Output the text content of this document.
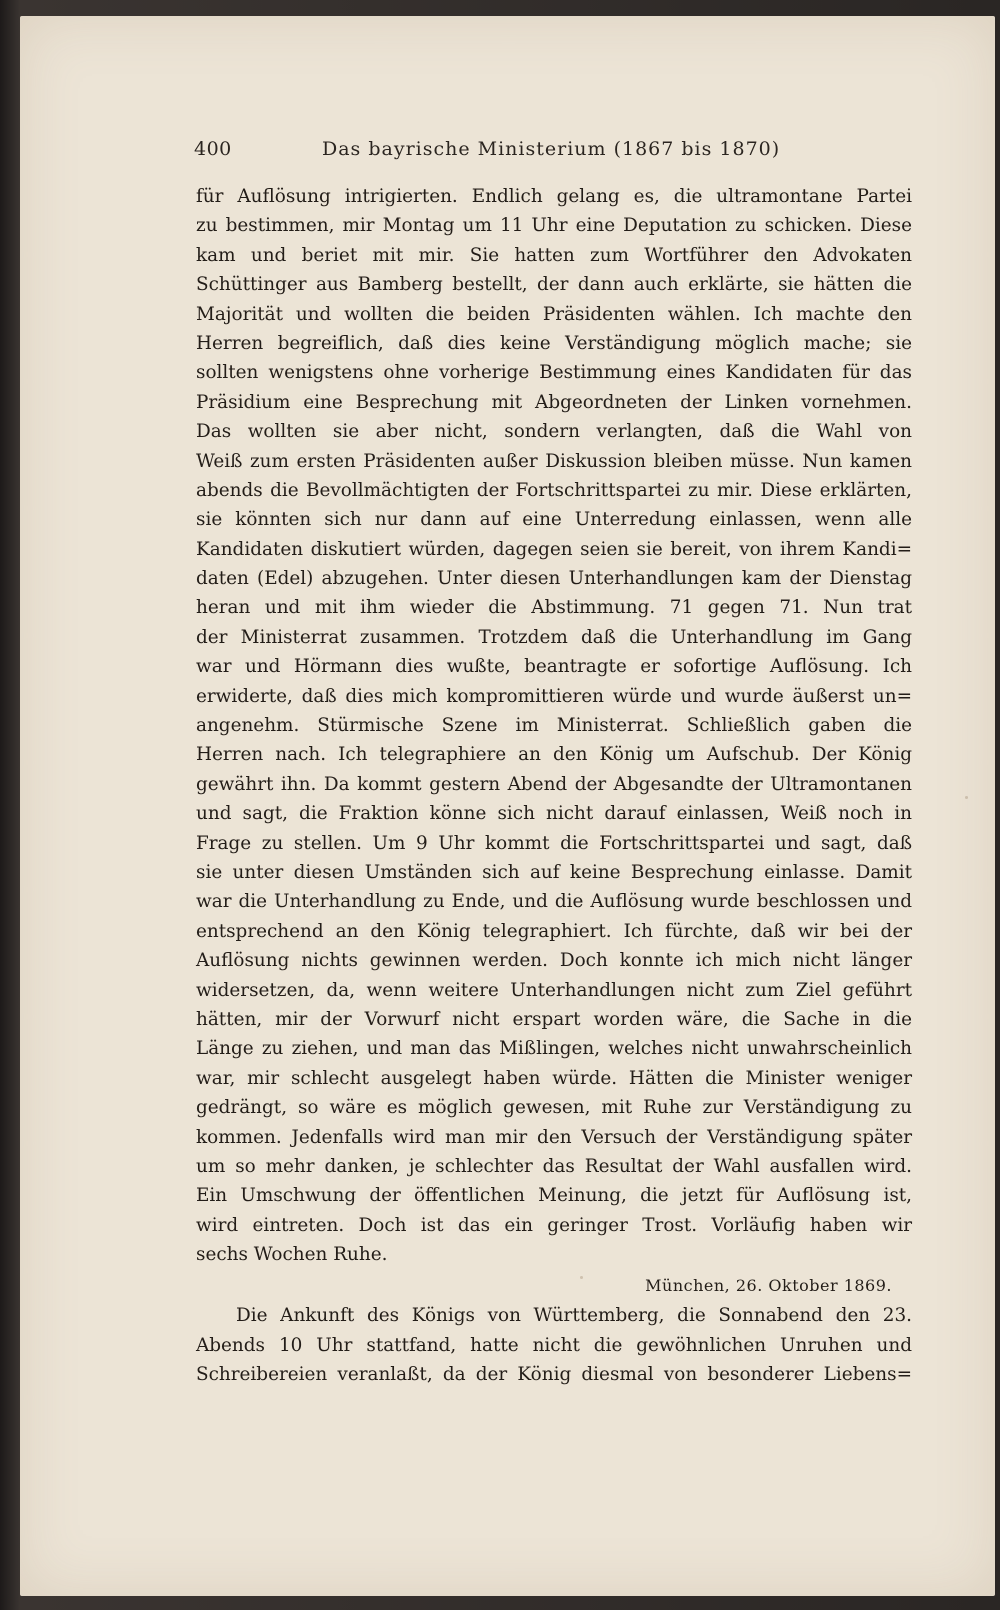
400	Das bayrische Ministerium (1867 bis 1870)
für Auflösung intrigierten. Endlich gelang es, die ultramontane Partei
zu bestimmen, mir Montag um 11 Uhr eine Deputation zu schicken. Diese
kam und beriet mit mir. Sie hatten zum Wortführer den Advokaten
Schüttinger aus Bamberg bestellt, der dann auch erklärte, sie hätten die
Majorität und wollten die beiden Präsidenten wählen. Ich machte den
Herren begreiflich, daß dies keine Verständigung möglich mache; sie
sollten wenigstens ohne vorherige Bestimmung eines Kandidaten für das
Präsidium eine Besprechung mit Abgeordneten der Linken vornehmen.
Das wollten sie aber nicht, sondern verlangten, daß die Wahl von
Weiß zum ersten Präsidenten außer Diskussion bleiben müsse. Nun kamen
abends die Bevollmächtigten der Fortschrittspartei zu mir. Diese erklärten,
sie könnten sich nur dann auf eine Unterredung einlassen, wenn alle
Kandidaten diskutiert würden, dagegen seien sie bereit, von ihrem Kandi=
daten (Edel) abzugehen. Unter diesen Unterhandlungen kam der Dienstag
heran und mit ihm wieder die Abstimmung. 71 gegen 71. Nun trat
der Ministerrat zusammen. Trotzdem daß die Unterhandlung im Gang
war und Hörmann dies wußte, beantragte er sofortige Auflösung. Ich
erwiderte, daß dies mich kompromittieren würde und wurde äußerst un=
angenehm. Stürmische Szene im Ministerrat. Schließlich gaben die
Herren nach. Ich telegraphiere an den König um Aufschub. Der König
gewährt ihn. Da kommt gestern Abend der Abgesandte der Ultramontanen
und sagt, die Fraktion könne sich nicht darauf einlassen, Weiß noch in
Frage zu stellen. Um 9 Uhr kommt die Fortschrittspartei und sagt, daß
sie unter diesen Umständen sich auf keine Besprechung einlasse. Damit
war die Unterhandlung zu Ende, und die Auflösung wurde beschlossen und
entsprechend an den König telegraphiert. Ich fürchte, daß wir bei der
Auflösung nichts gewinnen werden. Doch konnte ich mich nicht länger
widersetzen, da, wenn weitere Unterhandlungen nicht zum Ziel geführt
hätten, mir der Vorwurf nicht erspart worden wäre, die Sache in die
Länge zu ziehen, und man das Mißlingen, welches nicht unwahrscheinlich
war, mir schlecht ausgelegt haben würde. Hätten die Minister weniger
gedrängt, so wäre es möglich gewesen, mit Ruhe zur Verständigung zu
kommen. Jedenfalls wird man mir den Versuch der Verständigung später
um so mehr danken, je schlechter das Resultat der Wahl ausfallen wird.
Ein Umschwung der öffentlichen Meinung, die jetzt für Auflösung ist,
wird eintreten. Doch ist das ein geringer Trost. Vorläufig haben wir
sechs Wochen Ruhe.
München, 26. Oktober 1869.
Die Ankunft des Königs von Württemberg, die Sonnabend den 23.
Abends 10 Uhr stattfand, hatte nicht die gewöhnlichen Unruhen und
Schreibereien veranlaßt, da der König diesmal von besonderer Liebens=
